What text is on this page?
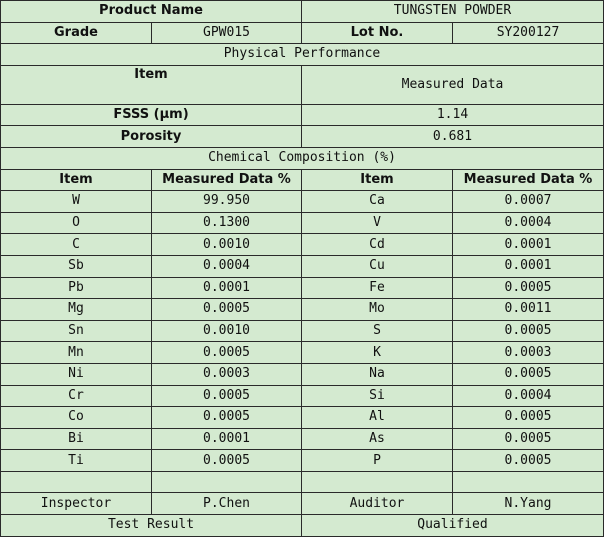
Product Name		TUNGSTEN POWDER	
Grade	GPW015	Lot No.	SY200127
Physical Performance			
Item		Measured Data	
FSSS (μm)		1.14	
Porosity		0.681	
Chemical Composition (%)			
Item	Measured Data %	Item	Measured Data %
W	99.950	Ca	0.0007
O	0.1300	V	0.0004
C	0.0010	Cd	0.0001
Sb	0.0004	Cu	0.0001
Pb	0.0001	Fe	0.0005
Mg	0.0005	Mo	0.0011
Sn	0.0010	S	0.0005
Mn	0.0005	K	0.0003
Ni	0.0003	Na	0.0005
Cr	0.0005	Si	0.0004
Co	0.0005	Al	0.0005
Bi	0.0001	As	0.0005
Ti	0.0005	P	0.0005

Inspector	P.Chen	Auditor	N.Yang
Test Result		Qualified	
